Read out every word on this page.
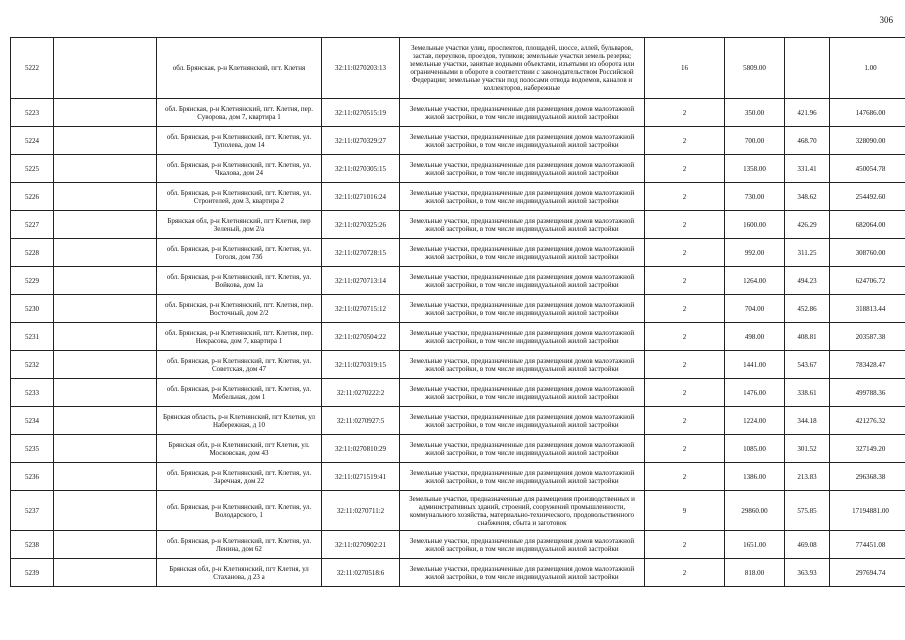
306
5222		обл. Брянская, р-н Клетнянский, пгт. Клетня	32:11:0270203:13	Земельные участки улиц, проспектов, площадей, шоссе, аллей, бульваров, застав, переулков, проездов, тупиков; земельные участки земель резерва; земельные участки, занятые водными объектами, изъятыми из оборота или ограниченными в обороте в соответствии с законодательством Российской Федерации; земельные участки под полосами отвода водоемов, каналов и коллекторов, набережные	16	5809.00		1.00
5223		обл. Брянская, р-н Клетнянский, пгт. Клетня, пер. Суворова, дом 7, квартира 1	32:11:0270515:19	Земельные участки, предназначенные для размещения домов малоэтажной жилой застройки, в том числе индивидуальной жилой застройки	2	350.00	421.96	147686.00
5224		обл. Брянская, р-н Клетнянский, пгт. Клетня, ул. Туполева, дом 14	32:11:0270329:27	Земельные участки, предназначенные для размещения домов малоэтажной жилой застройки, в том числе индивидуальной жилой застройки	2	700.00	468.70	328090.00
5225		обл. Брянская, р-н Клетнянский, пгт. Клетня, ул. Чкалова, дом 24	32:11:0270305:15	Земельные участки, предназначенные для размещения домов малоэтажной жилой застройки, в том числе индивидуальной жилой застройки	2	1358.00	331.41	450054.78
5226		обл. Брянская, р-н Клетнянский, пгт. Клетня, ул. Строителей, дом 3, квартира 2	32:11:0271016:24	Земельные участки, предназначенные для размещения домов малоэтажной жилой застройки, в том числе индивидуальной жилой застройки	2	730.00	348.62	254492.60
5227		Брянская обл, р-н Клетнянский, пгт Клетня, пер Зеленый, дом 2/а	32:11:0270325:26	Земельные участки, предназначенные для размещения домов малоэтажной жилой застройки, в том числе индивидуальной жилой застройки	2	1600.00	426.29	682064.00
5228		обл. Брянская, р-н Клетнянский, пгт. Клетня, ул. Гоголя, дом 73б	32:11:0270728:15	Земельные участки, предназначенные для размещения домов малоэтажной жилой застройки, в том числе индивидуальной жилой застройки	2	992.00	311.25	308760.00
5229		обл. Брянская, р-н Клетнянский, пгт. Клетня, ул. Войкова, дом 1а	32:11:0270713:14	Земельные участки, предназначенные для размещения домов малоэтажной жилой застройки, в том числе индивидуальной жилой застройки	2	1264.00	494.23	624706.72
5230		обл. Брянская, р-н Клетнянский, пгт. Клетня, пер. Восточный, дом 2/2	32:11:0270715:12	Земельные участки, предназначенные для размещения домов малоэтажной жилой застройки, в том числе индивидуальной жилой застройки	2	704.00	452.86	318813.44
5231		обл. Брянская, р-н Клетнянский, пгт. Клетня, пер. Некрасова, дом 7, квартира 1	32:11:0270504:22	Земельные участки, предназначенные для размещения домов малоэтажной жилой застройки, в том числе индивидуальной жилой застройки	2	498.00	408.81	203587.38
5232		обл. Брянская, р-н Клетнянский, пгт. Клетня, ул. Советская, дом 47	32:11:0270319:15	Земельные участки, предназначенные для размещения домов малоэтажной жилой застройки, в том числе индивидуальной жилой застройки	2	1441.00	543.67	783428.47
5233		обл. Брянская, р-н Клетнянский, пгт. Клетня, ул. Мебельная, дом 1	32:11:0270222:2	Земельные участки, предназначенные для размещения домов малоэтажной жилой застройки, в том числе индивидуальной жилой застройки	2	1476.00	338.61	499788.36
5234		Брянская область, р-н Клетнянский, пгт Клетня, ул Набережная, д 10	32:11:0270927:5	Земельные участки, предназначенные для размещения домов малоэтажной жилой застройки, в том числе индивидуальной жилой застройки	2	1224.00	344.18	421276.32
5235		Брянская обл, р-н Клетнянский, пгт Клетня, ул. Московская, дом 43	32:11:0270810:29	Земельные участки, предназначенные для размещения домов малоэтажной жилой застройки, в том числе индивидуальной жилой застройки	2	1085.00	301.52	327149.20
5236		обл. Брянская, р-н Клетнянский, пгт. Клетня, ул. Заречная, дом 22	32:11:0271519:41	Земельные участки, предназначенные для размещения домов малоэтажной жилой застройки, в том числе индивидуальной жилой застройки	2	1386.00	213.83	296368.38
5237		обл. Брянская, р-н Клетнянский, пгт. Клетня, ул. Володарского, 1	32:11:0270711:2	Земельные участки, предназначенные для размещения производственных и административных зданий, строений, сооружений промышленности, коммунального хозяйства, материально-технического, продовольственного снабжения, сбыта и заготовок	9	29860.00	575.85	17194881.00
5238		обл. Брянская, р-н Клетнянский, пгт. Клетня, ул. Ленина, дом 62	32:11:0270902:21	Земельные участки, предназначенные для размещения домов малоэтажной жилой застройки, в том числе индивидуальной жилой застройки	2	1651.00	469.08	774451.08
5239		Брянская обл, р-н Клетнянский, пгт Клетня, ул Стаханова, д 23 а	32:11:0270518:6	Земельные участки, предназначенные для размещения домов малоэтажной жилой застройки, в том числе индивидуальной жилой застройки	2	818.00	363.93	297694.74
